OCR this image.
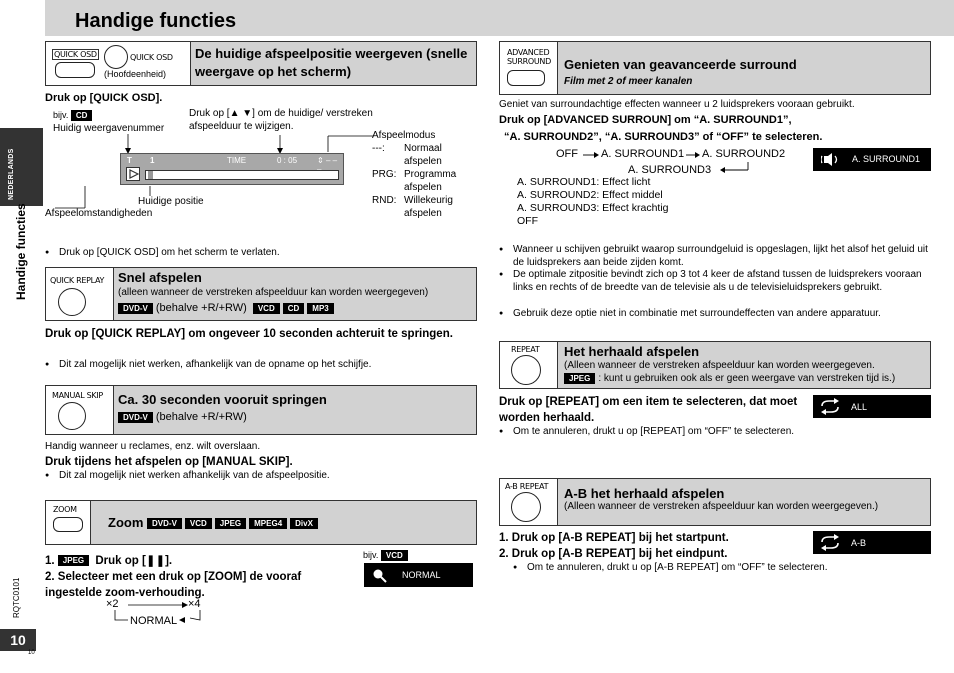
Handige functies
NEDERLANDS
Handige functies
RQTC0101
10
10
QUICK OSD	QUICK OSD
(Hoofdeenheid)
De huidige afspeelpositie weergeven (snelle weergave op het scherm)
Druk op [QUICK OSD].
bijv. CD
Huidig weergavenummer
Druk op [▲ ▼] om de huidige/ verstreken afspeelduur te wijzigen.
T 1	TIME	0 : 05 ⇕ – –
Huidige positie
Afspeelomstandigheden
Afspeelmodus
---:	Normaal afspelen
PRG: Programma afspelen
RND: Willekeurig afspelen
● Druk op [QUICK OSD] om het scherm te verlaten.
QUICK REPLAY Snel afspelen
(alleen wanneer de verstreken afspeelduur kan worden weergegeven)
DVD-V (behalve +R/+RW) VCD CD MP3
Druk op [QUICK REPLAY] om ongeveer 10 seconden achteruit te springen.
● Dit zal mogelijk niet werken, afhankelijk van de opname op het schijfje.
MANUAL SKIP Ca. 30 seconden vooruit springen
DVD-V (behalve +R/+RW)
Handig wanneer u reclames, enz. wilt overslaan.
Druk tijdens het afspelen op [MANUAL SKIP].
● Dit zal mogelijk niet werken afhankelijk van de afspeelpositie.
ZOOM
Zoom DVD-V VCD JPEG MPEG4 DivX
1. JPEG Druk op [❚❚].
2. Selecteer met een druk op [ZOOM] de vooraf ingestelde zoom-verhouding.
×2	×4
NORMAL
bijv. VCD
NORMAL
ADVANCED
SURROUND Genieten van geavanceerde surround
Film met 2 of meer kanalen
Geniet van surroundachtige effecten wanneer u 2 luidsprekers vooraan gebruikt.
Druk op [ADVANCED SURROUN] om “A. SURROUND1”,
“A. SURROUND2”, “A. SURROUND3” of “OFF” te selecteren.
OFF A. SURROUND1 A. SURROUND2
A. SURROUND3
A. SURROUND1: Effect licht
A. SURROUND2: Effect middel
A. SURROUND3: Effect krachtig
OFF
A. SURROUND1
● Wanneer u schijven gebruikt waarop surroundgeluid is opgeslagen, lijkt het alsof het geluid uit de luidsprekers aan beide zijden komt.
● De optimale zitpositie bevindt zich op 3 tot 4 keer de afstand tussen de luidsprekers vooraan links en rechts of de breedte van de televisie als u de televisieluidsprekers gebruikt.
● Gebruik deze optie niet in combinatie met surroundeffecten van andere apparatuur.
REPEAT Het herhaald afspelen
(Alleen wanneer de verstreken afspeelduur kan worden weergegeven.
JPEG : kunt u gebruiken ook als er geen weergave van verstreken tijd is.)
Druk op [REPEAT] om een item te selecteren, dat moet worden herhaald.
ALL
● Om te annuleren, drukt u op [REPEAT] om “OFF” te selecteren.
A-B REPEAT A-B het herhaald afspelen
(Alleen wanneer de verstreken afspeelduur kan worden weergegeven.)
1. Druk op [A-B REPEAT] bij het startpunt.
2. Druk op [A-B REPEAT] bij het eindpunt.
A-B
● Om te annuleren, drukt u op [A-B REPEAT] om “OFF” te selecteren.
